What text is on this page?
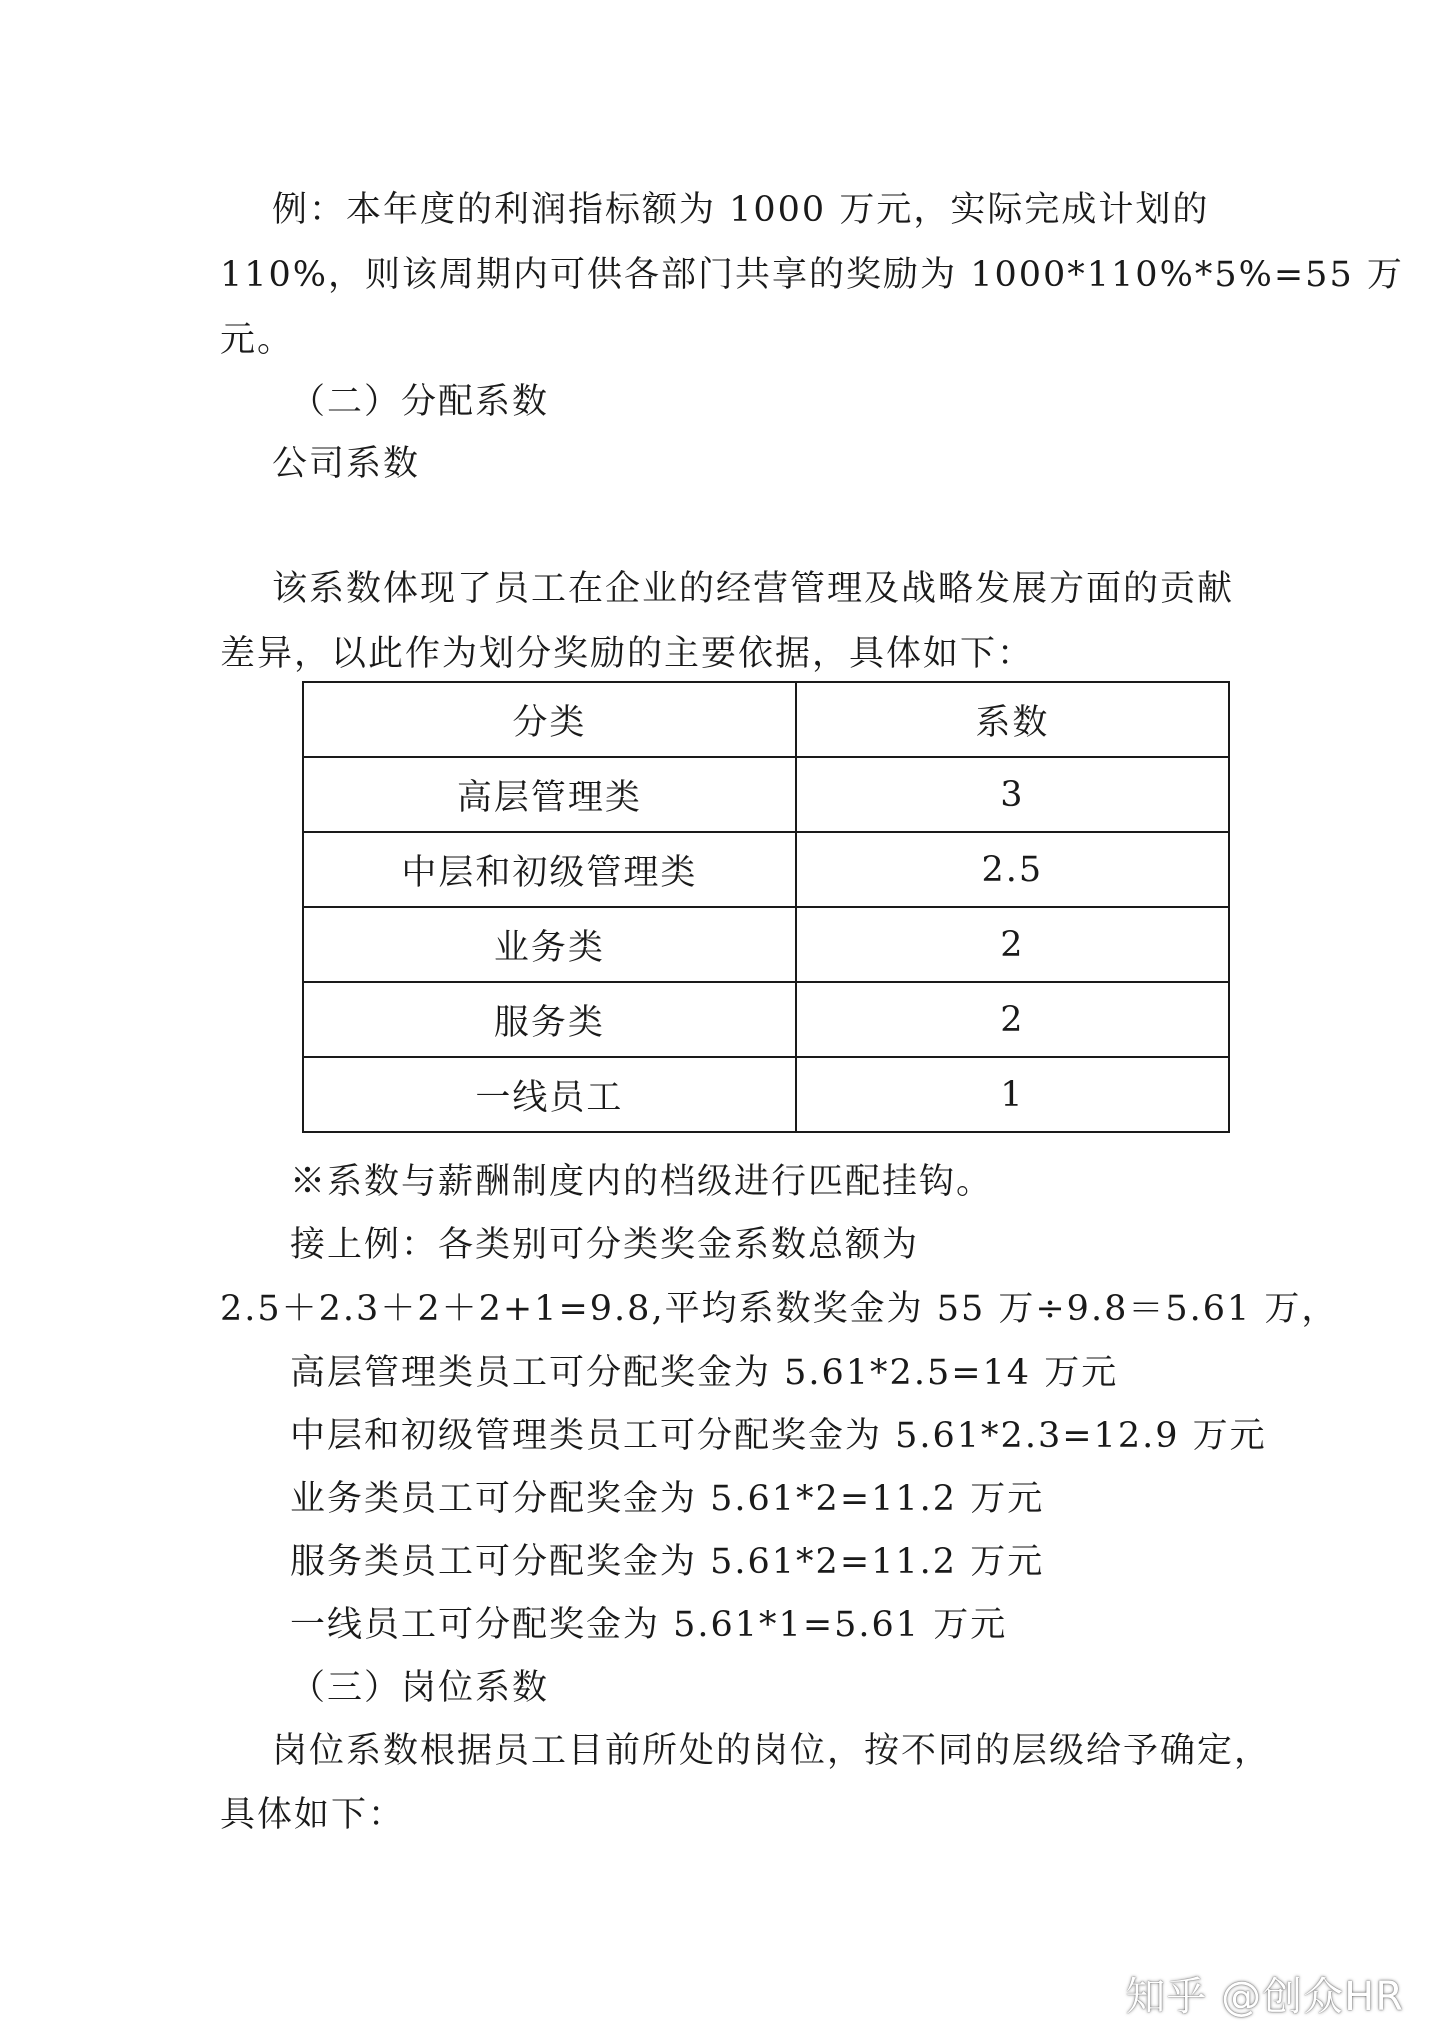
例：本年度的利润指标额为 1000 万元，实际完成计划的
110%，则该周期内可供各部门共享的奖励为 1000*110%*5%=55 万
元。
（二）分配系数
公司系数
该系数体现了员工在企业的经营管理及战略发展方面的贡献
差异，以此作为划分奖励的主要依据，具体如下：
分类	系数
高层管理类	3
中层和初级管理类	2.5
业务类	2
服务类	2
一线员工	1
※系数与薪酬制度内的档级进行匹配挂钩。
接上例：各类别可分类奖金系数总额为
2.5＋2.3＋2＋2+1=9.8,平均系数奖金为 55 万÷9.8＝5.61 万，
高层管理类员工可分配奖金为 5.61*2.5=14 万元
中层和初级管理类员工可分配奖金为 5.61*2.3=12.9 万元
业务类员工可分配奖金为 5.61*2=11.2 万元
服务类员工可分配奖金为 5.61*2=11.2 万元
一线员工可分配奖金为 5.61*1=5.61 万元
（三）岗位系数
岗位系数根据员工目前所处的岗位，按不同的层级给予确定，
具体如下：
知乎 @创众HR
